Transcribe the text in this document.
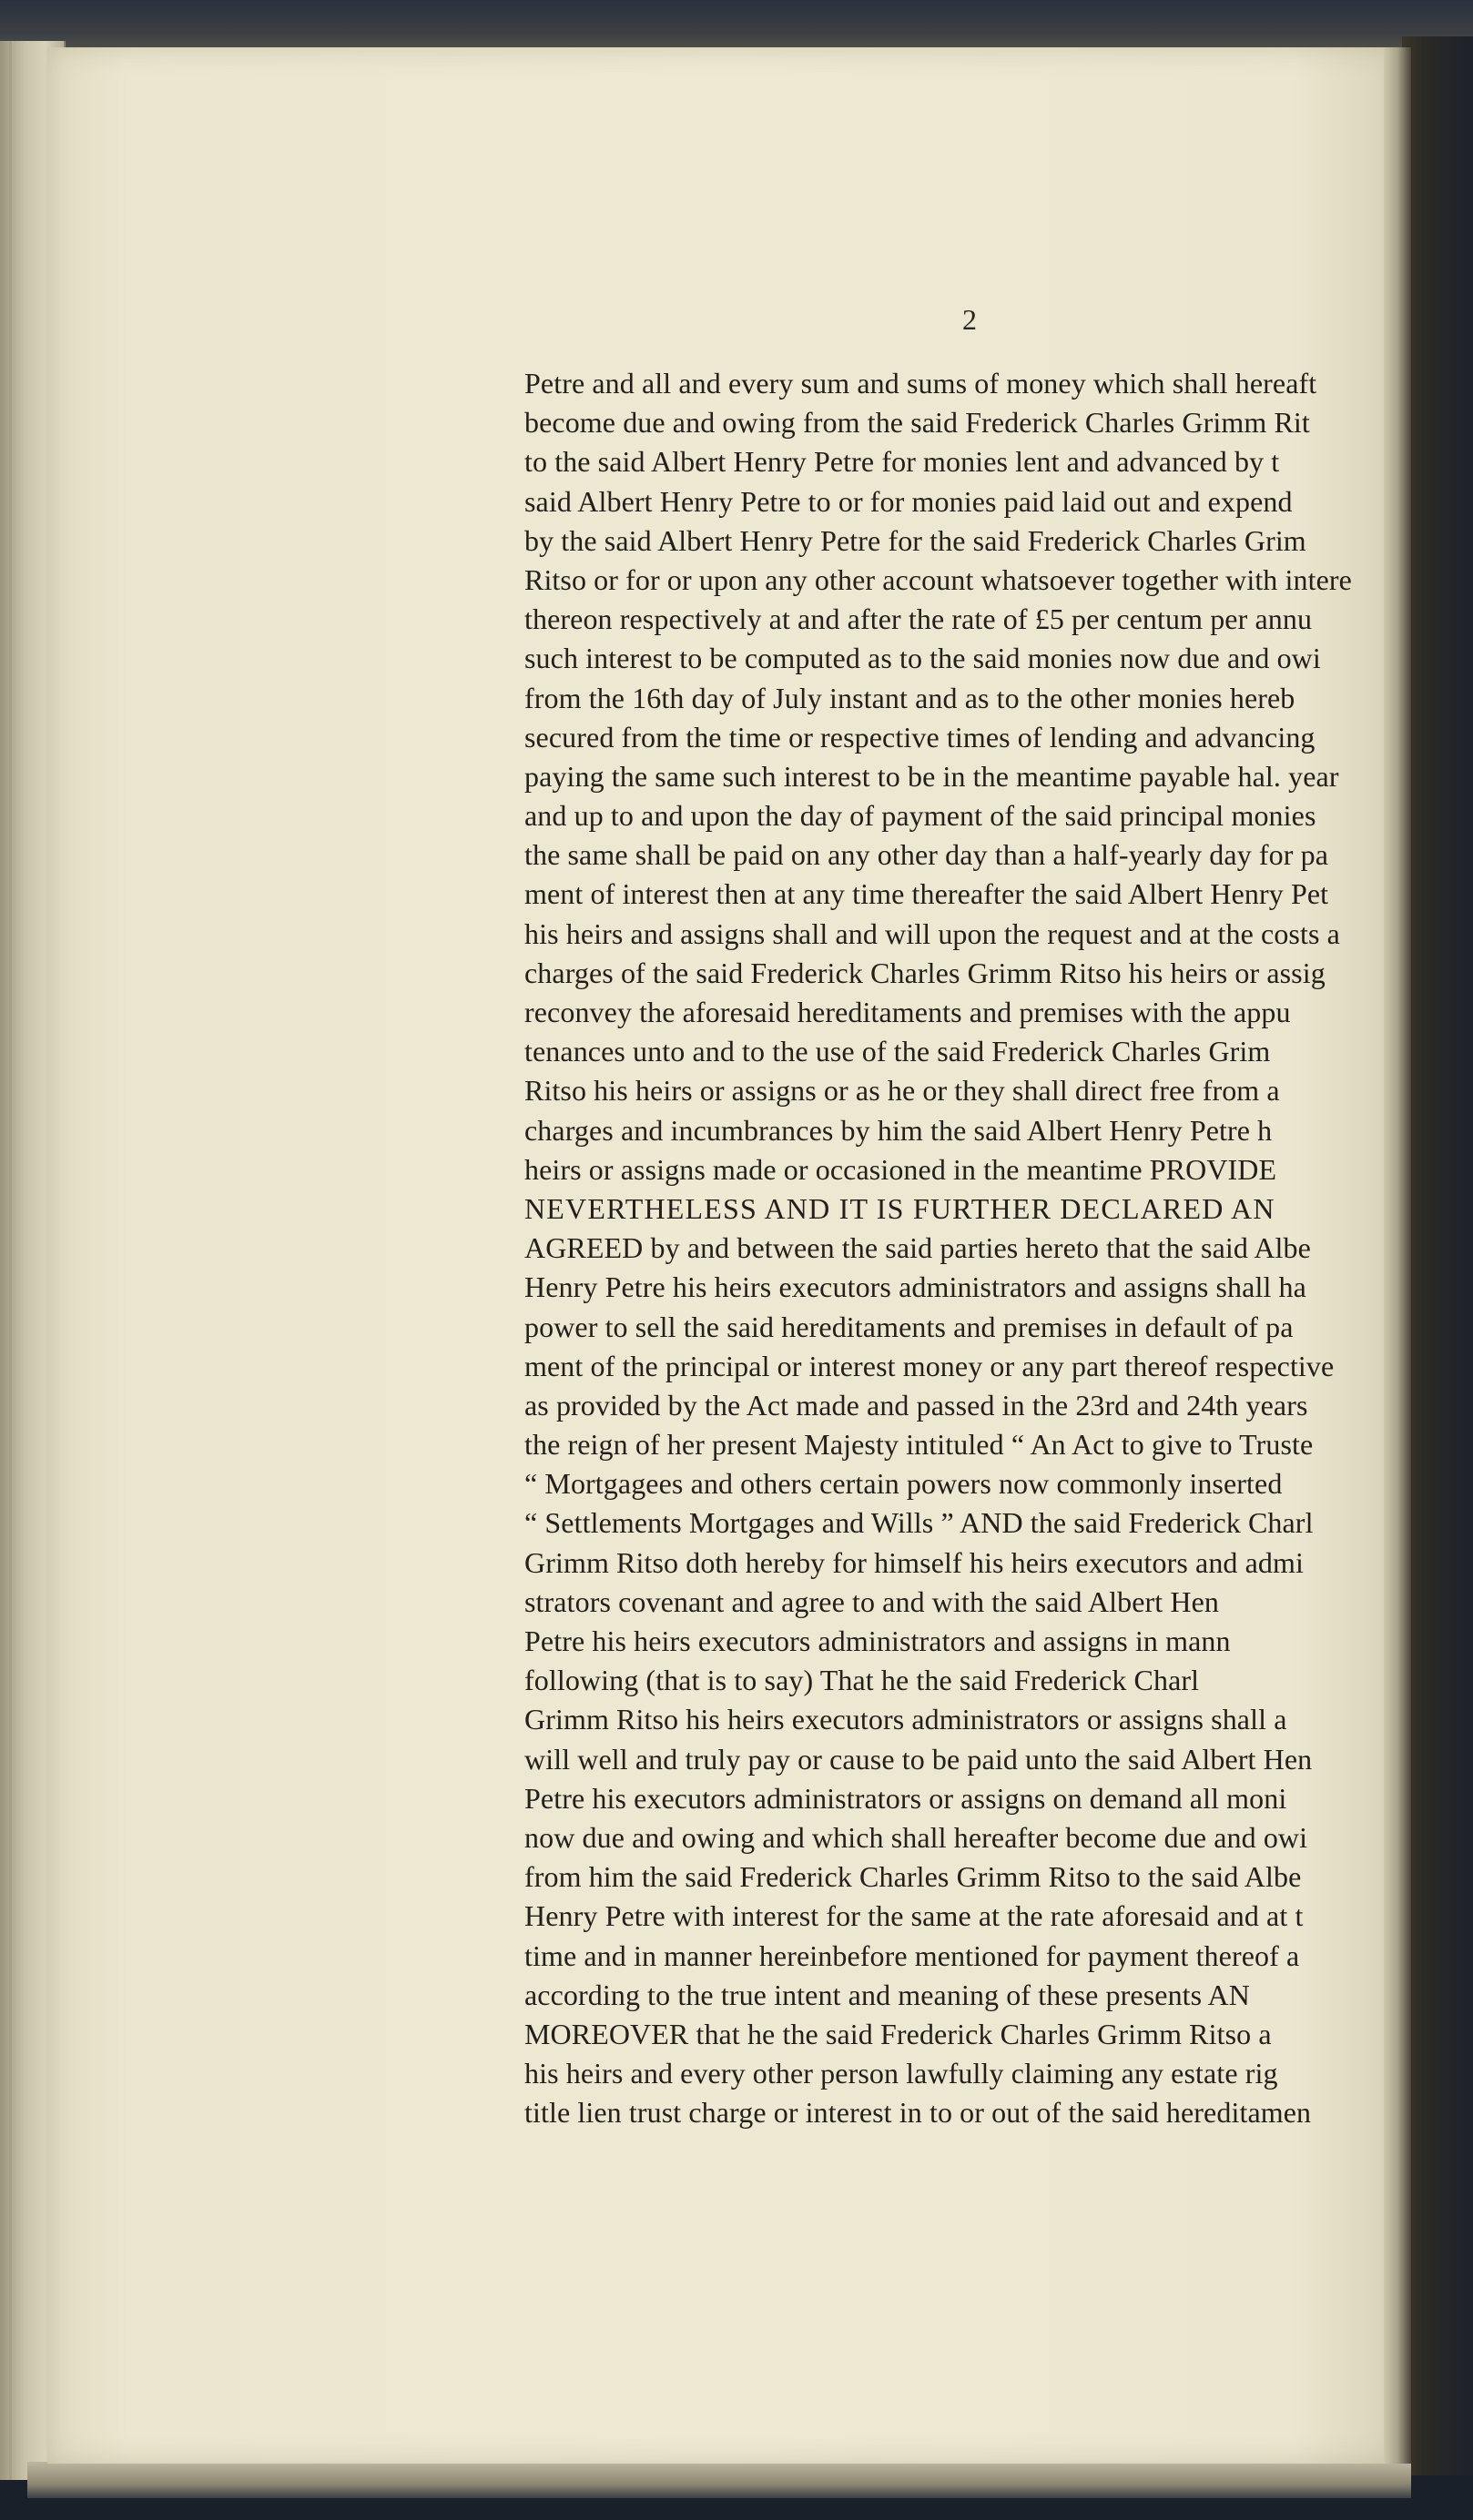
2
Petre and all and every sum and sums of money which shall hereaft
become due and owing from the said Frederick Charles Grimm Rit
to the said Albert Henry Petre for monies lent and advanced by t
said Albert Henry Petre to or for monies paid laid out and expend
by the said Albert Henry Petre for the said Frederick Charles Grim
Ritso or for or upon any other account whatsoever together with intere
thereon respectively at and after the rate of £5 per centum per annu
such interest to be computed as to the said monies now due and owi
from the 16th day of July instant and as to the other monies hereb
secured from the time or respective times of lending and advancing
paying the same such interest to be in the meantime payable hal. year
and up to and upon the day of payment of the said principal monies
the same shall be paid on any other day than a half-yearly day for pa
ment of interest then at any time thereafter the said Albert Henry Pet
his heirs and assigns shall and will upon the request and at the costs a
charges of the said Frederick Charles Grimm Ritso his heirs or assig
reconvey the aforesaid hereditaments and premises with the appu
tenances unto and to the use of the said Frederick Charles Grim
Ritso his heirs or assigns or as he or they shall direct free from a
charges and incumbrances by him the said Albert Henry Petre h
heirs or assigns made or occasioned in the meantime PROVIDE
NEVERTHELESS AND IT IS FURTHER DECLARED AN
AGREED by and between the said parties hereto that the said Albe
Henry Petre his heirs executors administrators and assigns shall ha
power to sell the said hereditaments and premises in default of pa
ment of the principal or interest money or any part thereof respective
as provided by the Act made and passed in the 23rd and 24th years
the reign of her present Majesty intituled “ An Act to give to Truste
“ Mortgagees and others certain powers now commonly inserted
“ Settlements Mortgages and Wills ” AND the said Frederick Charl
Grimm Ritso doth hereby for himself his heirs executors and admi
strators covenant and agree to and with the said Albert Hen
Petre his heirs executors administrators and assigns in mann
following (that is to say) That he the said Frederick Charl
Grimm Ritso his heirs executors administrators or assigns shall a
will well and truly pay or cause to be paid unto the said Albert Hen
Petre his executors administrators or assigns on demand all moni
now due and owing and which shall hereafter become due and owi
from him the said Frederick Charles Grimm Ritso to the said Albe
Henry Petre with interest for the same at the rate aforesaid and at t
time and in manner hereinbefore mentioned for payment thereof a
according to the true intent and meaning of these presents AN
MOREOVER that he the said Frederick Charles Grimm Ritso a
his heirs and every other person lawfully claiming any estate rig
title lien trust charge or interest in to or out of the said hereditamen
